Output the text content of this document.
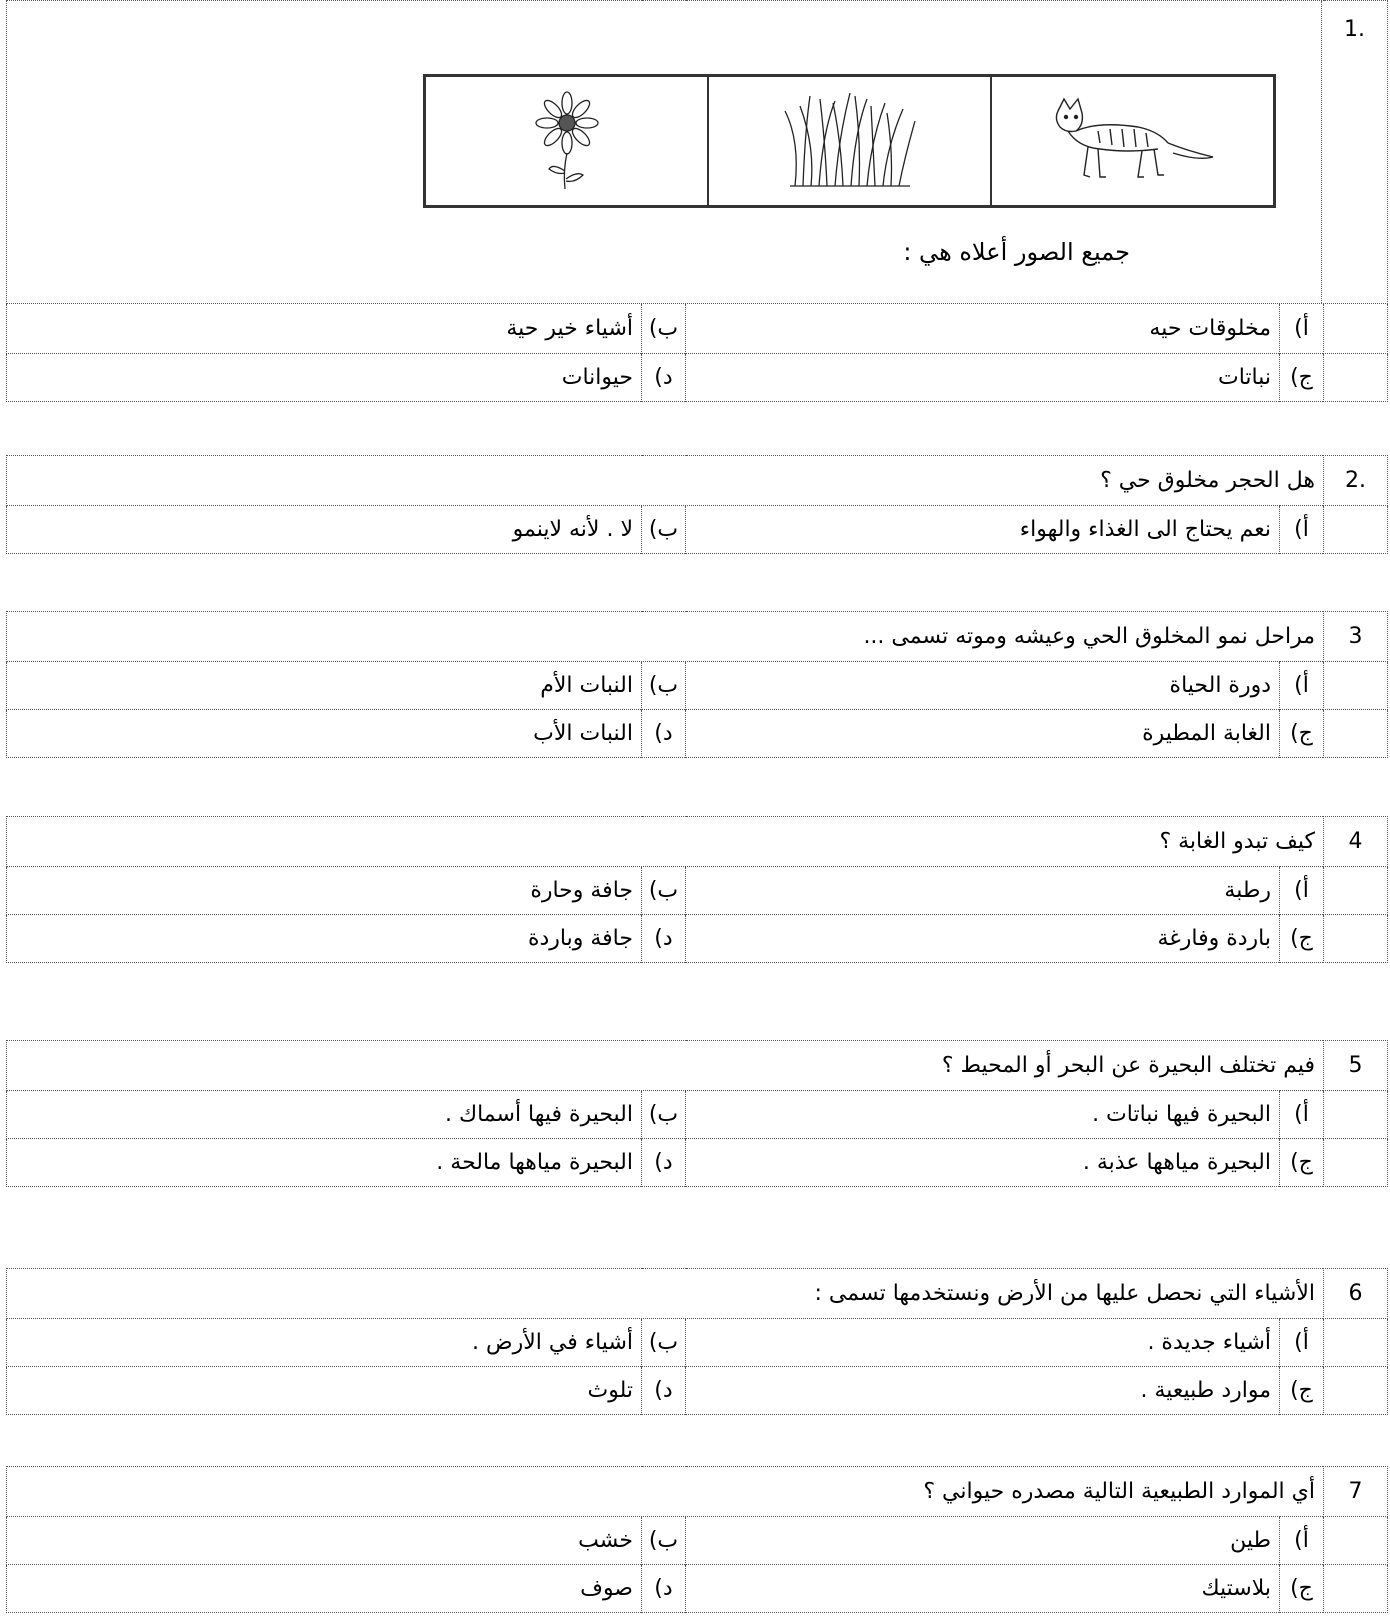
.1				

	أ)	مخلوقات حيه	ب)	أشياء خير حية
	ج)	نباتات	د)	حيوانات
جميع الصور أعلاه هي :
.2	هل الحجر مخلوق حي ؟			
	أ)	نعم يحتاج الى الغذاء والهواء	ب)	لا . لأنه لاينمو
3	مراحل نمو المخلوق الحي وعيشه وموته تسمى ...			
	أ)	دورة الحياة	ب)	النبات الأم
	ج)	الغابة المطيرة	د)	النبات الأب
4	كيف تبدو الغابة ؟			
	أ)	رطبة	ب)	جافة وحارة
	ج)	باردة وفارغة	د)	جافة وباردة
5	فيم تختلف البحيرة عن البحر أو المحيط ؟			
	أ)	البحيرة فيها نباتات .	ب)	البحيرة فيها أسماك .
	ج)	البحيرة مياهها عذبة .	د)	البحيرة مياهها مالحة .
6	الأشياء التي نحصل عليها من الأرض ونستخدمها تسمى :			
	أ)	أشياء جديدة .	ب)	أشياء في الأرض .
	ج)	موارد طبيعية .	د)	تلوث
7	أي الموارد الطبيعية التالية مصدره حيواني ؟			
	أ)	طين	ب)	خشب
	ج)	بلاستيك	د)	صوف
